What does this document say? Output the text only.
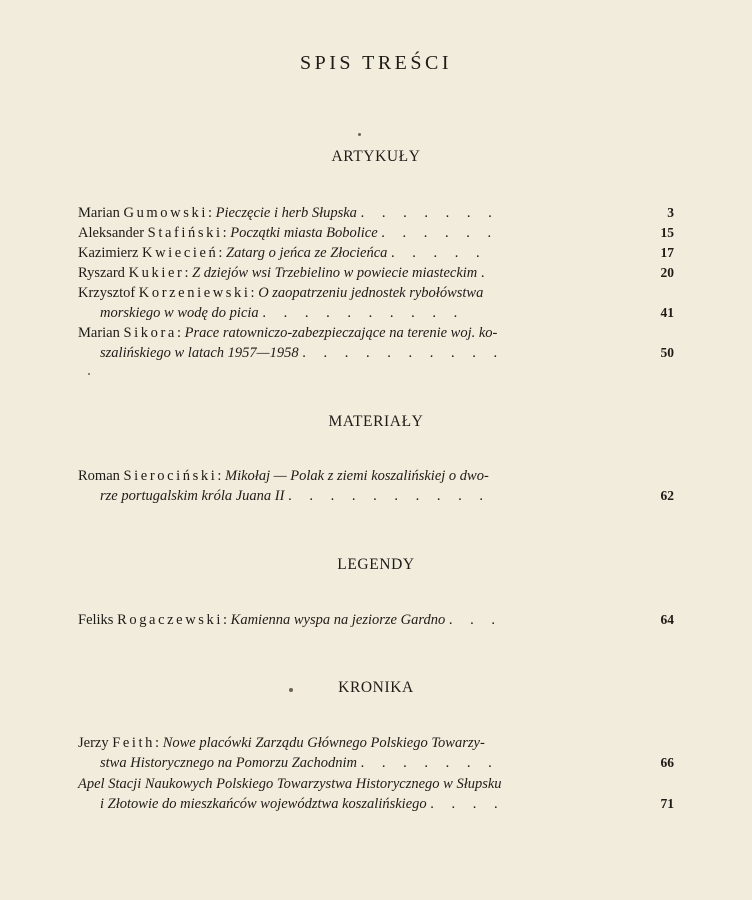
SPIS TREŚCI
ARTYKUŁY
Marian Gumowski: Pieczęcie i herb Słupska . . . . . . .	3
Aleksander Stafiński: Początki miasta Bobolice . . . . . .	15
Kazimierz Kwiecień: Zatarg o jeńca ze Złocieńca . . . . .	17
Ryszard Kukier: Z dziejów wsi Trzebielino w powiecie miasteckim .	20
Krzysztof Korzeniewski: O zaopatrzeniu jednostek rybołówstwa
morskiego w wodę do picia . . . . . . . . . .	41
Marian Sikora: Prace ratowniczo-zabezpieczające na terenie woj. ko-
szalińskiego w latach 1957—1958 . . . . . . . . . .	50
MATERIAŁY
Roman Sierociński: Mikołaj — Polak z ziemi koszalińskiej o dwo-
rze portugalskim króla Juana II . . . . . . . . . .	62
LEGENDY
Feliks Rogaczewski: Kamienna wyspa na jeziorze Gardno . . .	64
KRONIKA
Jerzy Feith: Nowe placówki Zarządu Głównego Polskiego Towarzy-
stwa Historycznego na Pomorzu Zachodnim . . . . . . .	66
Apel Stacji Naukowych Polskiego Towarzystwa Historycznego w Słupsku
i Złotowie do mieszkańców województwa koszalińskiego . . . .	71
